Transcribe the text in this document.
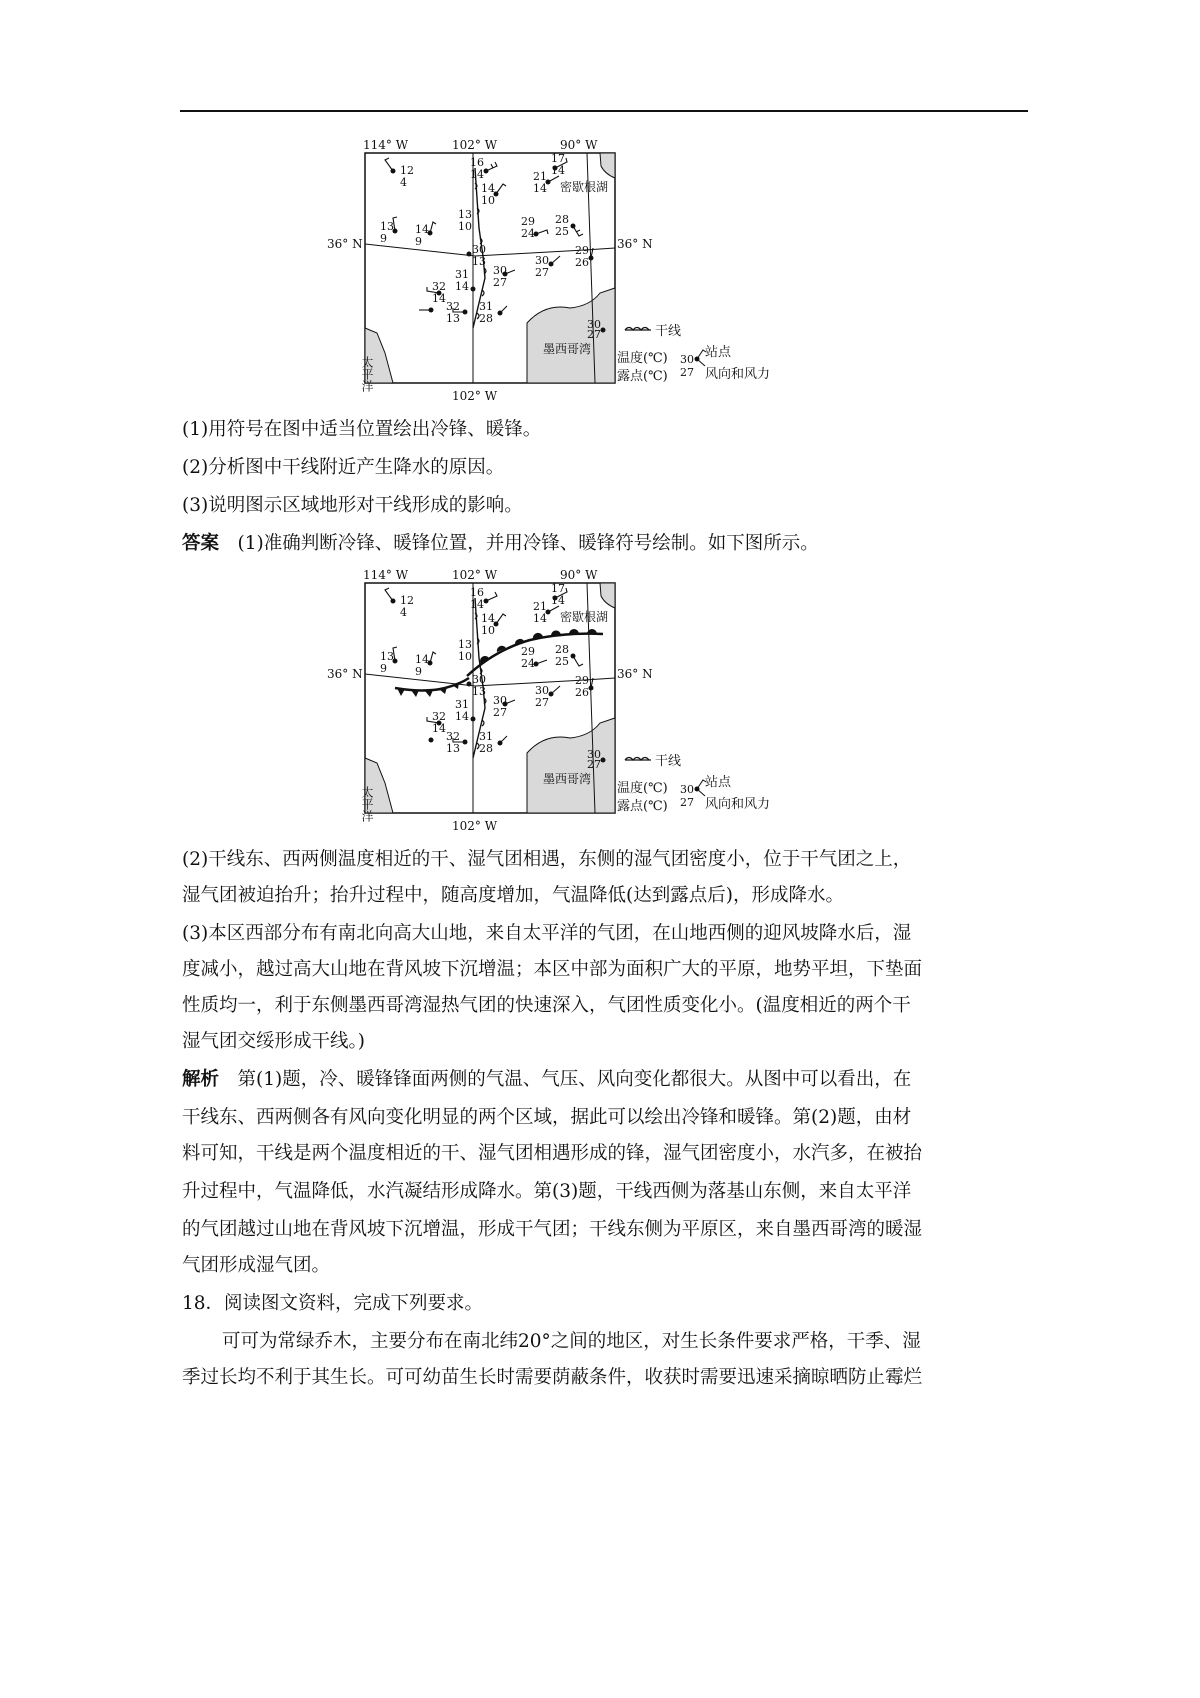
12
4
16
14
14
10
17
14
21
14
13
10
13
9
14
9
29
24
28
25
30
13
29
26
30
27
31
14
30
27
32
14
32
13
31
28	30
27
114° W	102° W	90° W
102° W
36° N	36° N
密歇根湖
墨西哥湾
太平洋
干线
温度(℃)
露点(℃)
30
27
站点
风向和风力
(1)用符号在图中适当位置绘出冷锋、暖锋。
(2)分析图中干线附近产生降水的原因。
(3)说明图示区域地形对干线形成的影响。
答案  (1)准确判断冷锋、暖锋位置，并用冷锋、暖锋符号绘制。如下图所示。
12
4
16
14
14
10
17
14
21
14
13
10
13
9
14
9
29
24
28
25
30
13
29
26
30
27
31
14
30
27
32
14
32
13
31
28	30
27
114° W	102° W	90° W
102° W
36° N	36° N
密歇根湖
墨西哥湾
太平洋
干线
温度(℃)
露点(℃)
30
27
站点
风向和风力
(2)干线东、西两侧温度相近的干、湿气团相遇，东侧的湿气团密度小，位于干气团之上，
湿气团被迫抬升；抬升过程中，随高度增加，气温降低(达到露点后)，形成降水。
(3)本区西部分布有南北向高大山地，来自太平洋的气团，在山地西侧的迎风坡降水后，湿
度减小，越过高大山地在背风坡下沉增温；本区中部为面积广大的平原，地势平坦，下垫面
性质均一，利于东侧墨西哥湾湿热气团的快速深入，气团性质变化小。(温度相近的两个干
湿气团交绥形成干线。)
解析  第(1)题，冷、暖锋锋面两侧的气温、气压、风向变化都很大。从图中可以看出，在
干线东、西两侧各有风向变化明显的两个区域，据此可以绘出冷锋和暖锋。第(2)题，由材
料可知，干线是两个温度相近的干、湿气团相遇形成的锋，湿气团密度小，水汽多，在被抬
升过程中，气温降低，水汽凝结形成降水。第(3)题，干线西侧为落基山东侧，来自太平洋
的气团越过山地在背风坡下沉增温，形成干气团；干线东侧为平原区，来自墨西哥湾的暖湿
气团形成湿气团。
18．阅读图文资料，完成下列要求。
可可为常绿乔木，主要分布在南北纬20°之间的地区，对生长条件要求严格，干季、湿
季过长均不利于其生长。可可幼苗生长时需要荫蔽条件，收获时需要迅速采摘晾晒防止霉烂
